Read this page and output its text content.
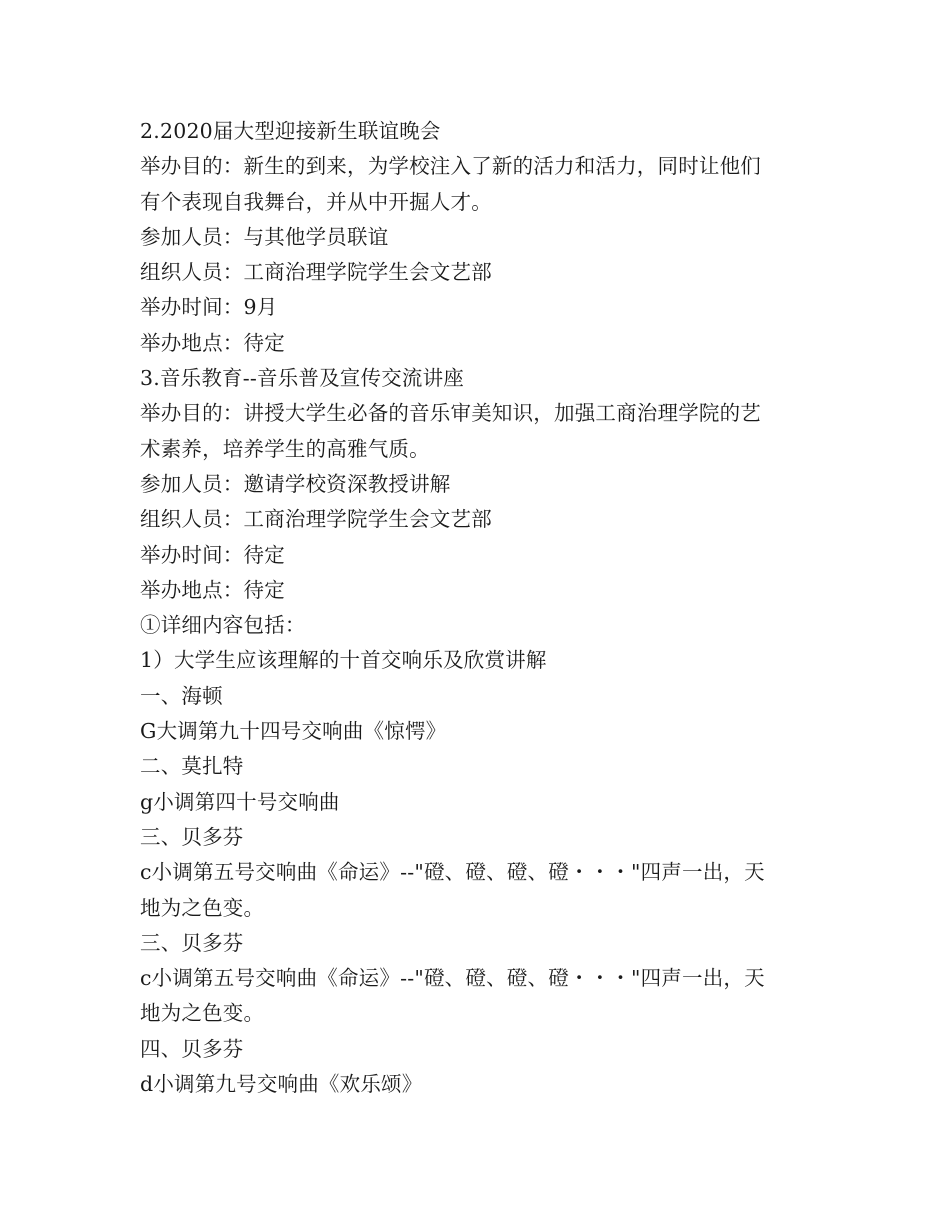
2.2020届大型迎接新生联谊晚会
举办目的：新生的到来，为学校注入了新的活力和活力，同时让他们
有个表现自我舞台，并从中开掘人才。
参加人员：与其他学员联谊
组织人员：工商治理学院学生会文艺部
举办时间：9月
举办地点：待定
3.音乐教育--音乐普及宣传交流讲座
举办目的：讲授大学生必备的音乐审美知识，加强工商治理学院的艺
术素养，培养学生的高雅气质。
参加人员：邀请学校资深教授讲解
组织人员：工商治理学院学生会文艺部
举办时间：待定
举办地点：待定
①详细内容包括：
1）大学生应该理解的十首交响乐及欣赏讲解
一、海顿
G大调第九十四号交响曲《惊愕》
二、莫扎特
g小调第四十号交响曲
三、贝多芬
c小调第五号交响曲《命运》--"磴、磴、磴、磴・・・"四声一出，天
地为之色变。
三、贝多芬
c小调第五号交响曲《命运》--"磴、磴、磴、磴・・・"四声一出，天
地为之色变。
四、贝多芬
d小调第九号交响曲《欢乐颂》
